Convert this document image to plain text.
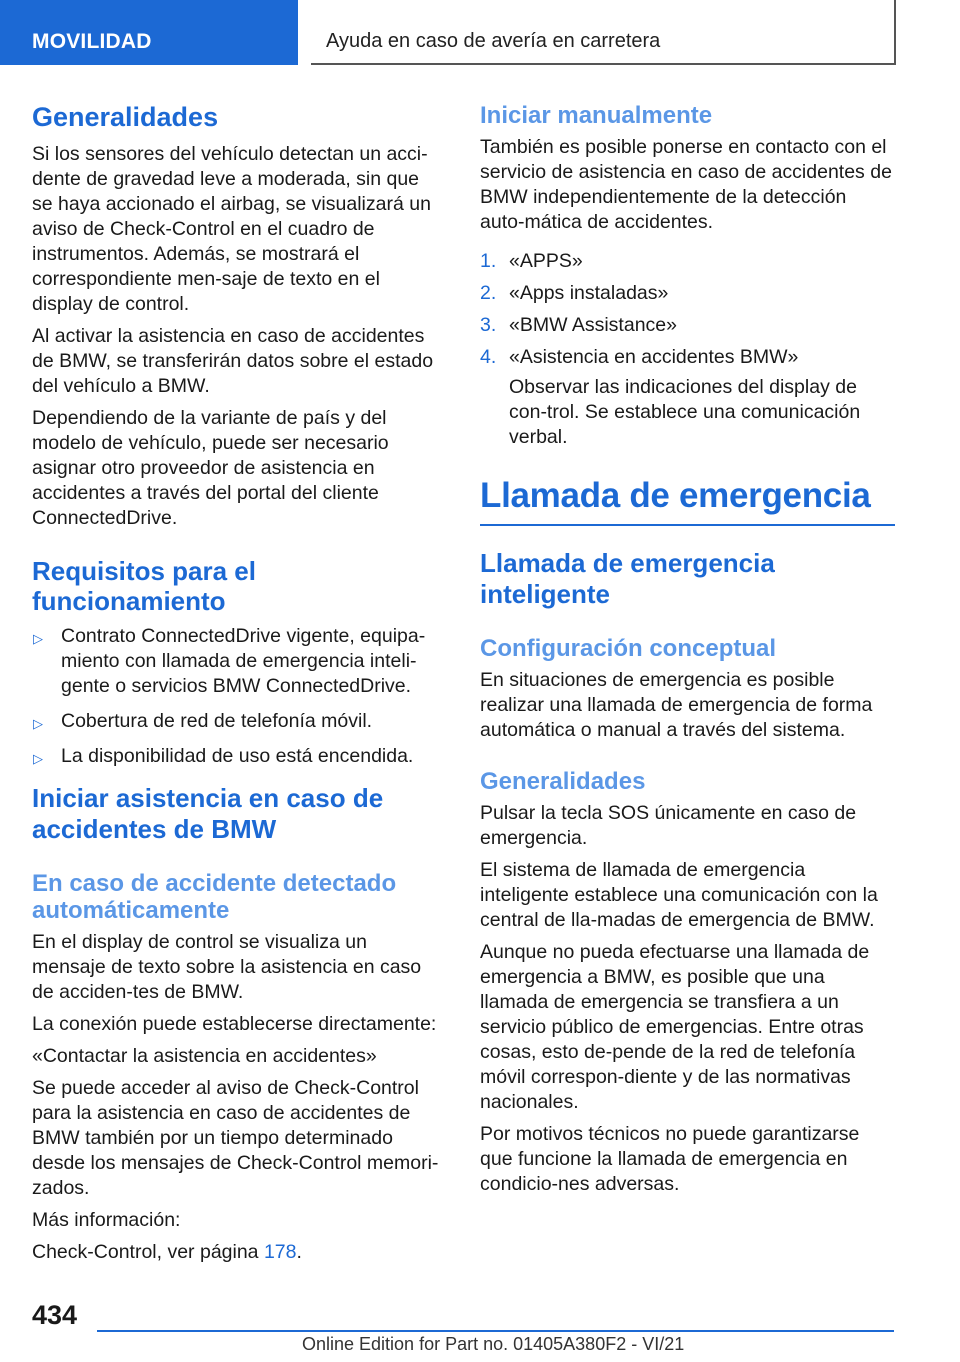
MOVILIDAD	Ayuda en caso de avería en carretera
Generalidades

Si los sensores del vehículo detectan un acci-dente de gravedad leve a moderada, sin que se haya accionado el airbag, se visualizará un aviso de Check-Control en el cuadro de instrumentos. Además, se mostrará el correspondiente men-saje de texto en el display de control.

Al activar la asistencia en caso de accidentes de BMW, se transferirán datos sobre el estado del vehículo a BMW.

Dependiendo de la variante de país y del modelo de vehículo, puede ser necesario asignar otro proveedor de asistencia en accidentes a través del portal del cliente ConnectedDrive.

Requisitos para el funcionamiento
▷ Contrato ConnectedDrive vigente, equipa-miento con llamada de emergencia inteli-gente o servicios BMW ConnectedDrive.
▷ Cobertura de red de telefonía móvil.
▷ La disponibilidad de uso está encendida.
Iniciar asistencia en caso de accidentes de BMW
En caso de accidente detectado automáticamente

En el display de control se visualiza un mensaje de texto sobre la asistencia en caso de acciden-tes de BMW.

La conexión puede establecerse directamente:

«Contactar la asistencia en accidentes»

Se puede acceder al aviso de Check-Control para la asistencia en caso de accidentes de BMW también por un tiempo determinado desde los mensajes de Check-Control memori-zados.

Más información:

Check-Control, ver página 178.

Iniciar manualmente

También es posible ponerse en contacto con el servicio de asistencia en caso de accidentes de BMW independientemente de la detección auto-mática de accidentes.

1. «APPS»
2. «Apps instaladas»
3. «BMW Assistance»
4. «Asistencia en accidentes BMW»
Observar las indicaciones del display de con-trol. Se establece una comunicación verbal.
Llamada de emergencia
Llamada de emergencia inteligente
Configuración conceptual

En situaciones de emergencia es posible realizar una llamada de emergencia de forma automática o manual a través del sistema.

Generalidades

Pulsar la tecla SOS únicamente en caso de emergencia.

El sistema de llamada de emergencia inteligente establece una comunicación con la central de lla-madas de emergencia de BMW.

Aunque no pueda efectuarse una llamada de emergencia a BMW, es posible que una llamada de emergencia se transfiera a un servicio público de emergencias. Entre otras cosas, esto de-pende de la red de telefonía móvil correspon-diente y de las normativas nacionales.

Por motivos técnicos no puede garantizarse que funcione la llamada de emergencia en condicio-nes adversas.

434
Online Edition for Part no. 01405A380F2 - VI/21
